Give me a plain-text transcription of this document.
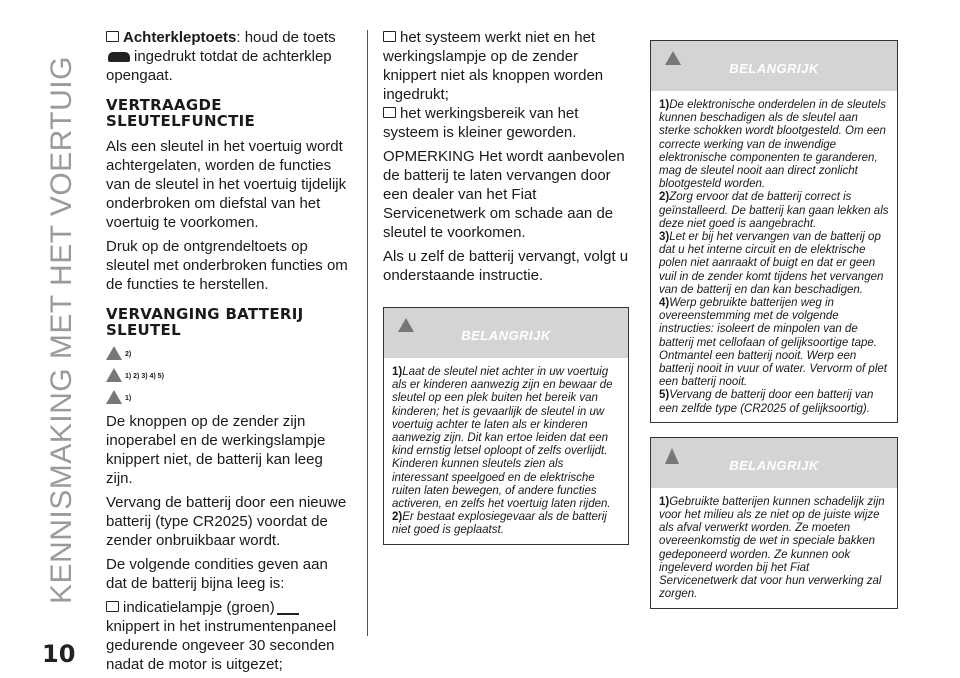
KENNISMAKING MET HET VOERTUIG
10

Achterkleptoets: houd de toets
ingedrukt totdat de achterklep opengaat.

VERTRAAGDE SLEUTELFUNCTIE

Als een sleutel in het voertuig wordt achtergelaten, worden de functies van de sleutel in het voertuig tijdelijk onderbroken om diefstal van het voertuig te voorkomen.

Druk op de ontgrendeltoets op sleutel met onderbroken functies om de functies te herstellen.

VERVANGING BATTERIJ SLEUTEL
2)
1) 2) 3) 4) 5)
1)

De knoppen op de zender zijn inoperabel en de werkingslampje knippert niet, de batterij kan leeg zijn.

Vervang de batterij door een nieuwe batterij (type CR2025) voordat de zender onbruikbaar wordt.

De volgende condities geven aan dat de batterij bijna leeg is:

indicatielampje (groen)knippert in het instrumentenpaneel gedurende ongeveer 30 seconden nadat de motor is uitgezet;

het systeem werkt niet en het werkingslampje op de zender knippert niet als knoppen worden ingedrukt;

het werkingsbereik van het systeem is kleiner geworden.

OPMERKING Het wordt aanbevolen de batterij te laten vervangen door een dealer van het Fiat Servicenetwerk om schade aan de sleutel te voorkomen.

Als u zelf de batterij vervangt, volgt u onderstaande instructie.

BELANGRIJK

1)Laat de sleutel niet achter in uw voertuig als er kinderen aanwezig zijn en bewaar de sleutel op een plek buiten het bereik van kinderen; het is gevaarlijk de sleutel in uw voertuig achter te laten als er kinderen aanwezig zijn. Dit kan ertoe leiden dat een kind ernstig letsel oploopt of zelfs overlijdt. Kinderen kunnen sleutels zien als interessant speelgoed en de elektrische ruiten laten bewegen, of andere functies activeren, en zelfs het voertuig laten rijden.

2)Er bestaat explosiegevaar als de batterij niet goed is geplaatst.

BELANGRIJK

1)De elektronische onderdelen in de sleutels kunnen beschadigen als de sleutel aan sterke schokken wordt blootgesteld. Om een correcte werking van de inwendige elektronische componenten te garanderen, mag de sleutel nooit aan direct zonlicht blootgesteld worden.

2)Zorg ervoor dat de batterij correct is geïnstalleerd. De batterij kan gaan lekken als deze niet goed is aangebracht.

3)Let er bij het vervangen van de batterij op dat u het interne circuit en de elektrische polen niet aanraakt of buigt en dat er geen vuil in de zender komt tijdens het vervangen van de batterij en dan kan beschadigen.

4)Werp gebruikte batterijen weg in overeenstemming met de volgende instructies: isoleert de minpolen van de batterij met cellofaan of gelijksoortige tape. Ontmantel een batterij nooit. Werp een batterij nooit in vuur of water. Vervorm of plet een batterij nooit.

5)Vervang de batterij door een batterij van een zelfde type (CR2025 of gelijksoortig).

BELANGRIJK

1)Gebruikte batterijen kunnen schadelijk zijn voor het milieu als ze niet op de juiste wijze als afval verwerkt worden. Ze moeten overeenkomstig de wet in speciale bakken gedeponeerd worden. Ze kunnen ook ingeleverd worden bij het Fiat Servicenetwerk dat voor hun verwerking zal zorgen.
